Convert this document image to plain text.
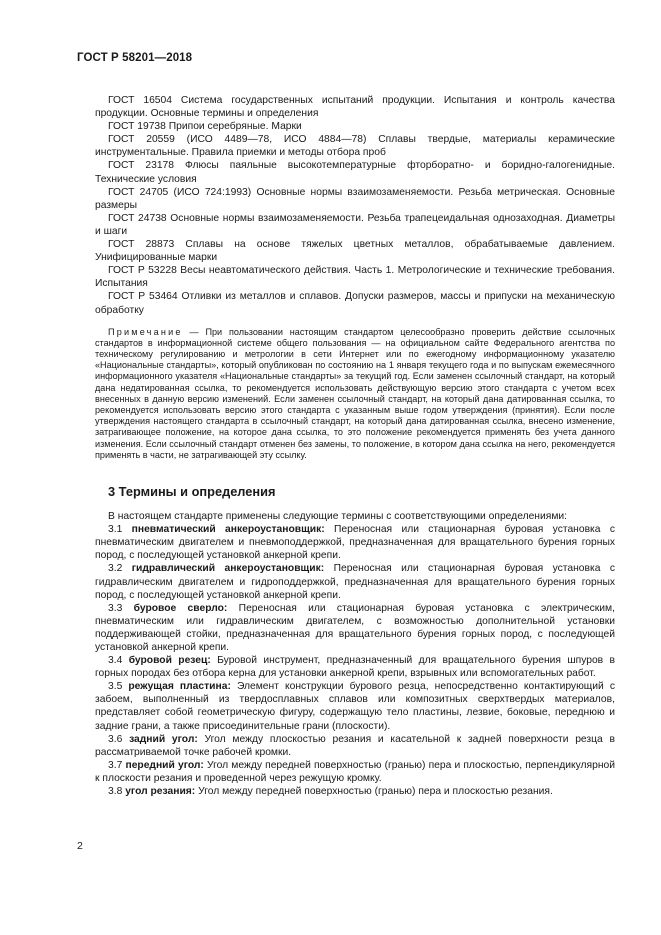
ГОСТ Р 58201—2018

ГОСТ 16504 Система государственных испытаний продукции. Испытания и контроль качества продукции. Основные термины и определения

ГОСТ 19738 Припои серебряные. Марки

ГОСТ 20559 (ИСО 4489—78, ИСО 4884—78) Сплавы твердые, материалы керамические инструментальные. Правила приемки и методы отбора проб

ГОСТ 23178 Флюсы паяльные высокотемпературные фторборатно- и боридно-галогенидные. Технические условия

ГОСТ 24705 (ИСО 724:1993) Основные нормы взаимозаменяемости. Резьба метрическая. Основные размеры

ГОСТ 24738 Основные нормы взаимозаменяемости. Резьба трапецеидальная однозаходная. Диаметры и шаги

ГОСТ 28873 Сплавы на основе тяжелых цветных металлов, обрабатываемые давлением. Унифицированные марки

ГОСТ Р 53228 Весы неавтоматического действия. Часть 1. Метрологические и технические требования. Испытания

ГОСТ Р 53464 Отливки из металлов и сплавов. Допуски размеров, массы и припуски на механическую обработку

Примечание — При пользовании настоящим стандартом целесообразно проверить действие ссылочных стандартов в информационной системе общего пользования — на официальном сайте Федерального агентства по техническому регулированию и метрологии в сети Интернет или по ежегодному информационному указателю «Национальные стандарты», который опубликован по состоянию на 1 января текущего года и по выпускам ежемесячного информационного указателя «Национальные стандарты» за текущий год. Если заменен ссылочный стандарт, на который дана недатированная ссылка, то рекомендуется использовать действующую версию этого стандарта с учетом всех внесенных в данную версию изменений. Если заменен ссылочный стандарт, на который дана датированная ссылка, то рекомендуется использовать версию этого стандарта с указанным выше годом утверждения (принятия). Если после утверждения настоящего стандарта в ссылочный стандарт, на который дана датированная ссылка, внесено изменение, затрагивающее положение, на которое дана ссылка, то это положение рекомендуется применять без учета данного изменения. Если ссылочный стандарт отменен без замены, то положение, в котором дана ссылка на него, рекомендуется применять в части, не затрагивающей эту ссылку.

3 Термины и определения

В настоящем стандарте применены следующие термины с соответствующими определениями:

3.1 пневматический анкероустановщик: Переносная или стационарная буровая установка с пневматическим двигателем и пневмоподдержкой, предназначенная для вращательного бурения горных пород, с последующей установкой анкерной крепи.

3.2 гидравлический анкероустановщик: Переносная или стационарная буровая установка с гидравлическим двигателем и гидроподдержкой, предназначенная для вращательного бурения горных пород, с последующей установкой анкерной крепи.

3.3 буровое сверло: Переносная или стационарная буровая установка с электрическим, пневматическим или гидравлическим двигателем, с возможностью дополнительной установки поддерживающей стойки, предназначенная для вращательного бурения горных пород, с последующей установкой анкерной крепи.

3.4 буровой резец: Буровой инструмент, предназначенный для вращательного бурения шпуров в горных породах без отбора керна для установки анкерной крепи, взрывных или вспомогательных работ.

3.5 режущая пластина: Элемент конструкции бурового резца, непосредственно контактирующий с забоем, выполненный из твердосплавных сплавов или композитных сверхтвердых материалов, представляет собой геометрическую фигуру, содержащую тело пластины, лезвие, боковые, переднюю и задние грани, а также присоединительные грани (плоскости).

3.6 задний угол: Угол между плоскостью резания и касательной к задней поверхности резца в рассматриваемой точке рабочей кромки.

3.7 передний угол: Угол между передней поверхностью (гранью) пера и плоскостью, перпендикулярной к плоскости резания и проведенной через режущую кромку.

3.8 угол резания: Угол между передней поверхностью (гранью) пера и плоскостью резания.

2
